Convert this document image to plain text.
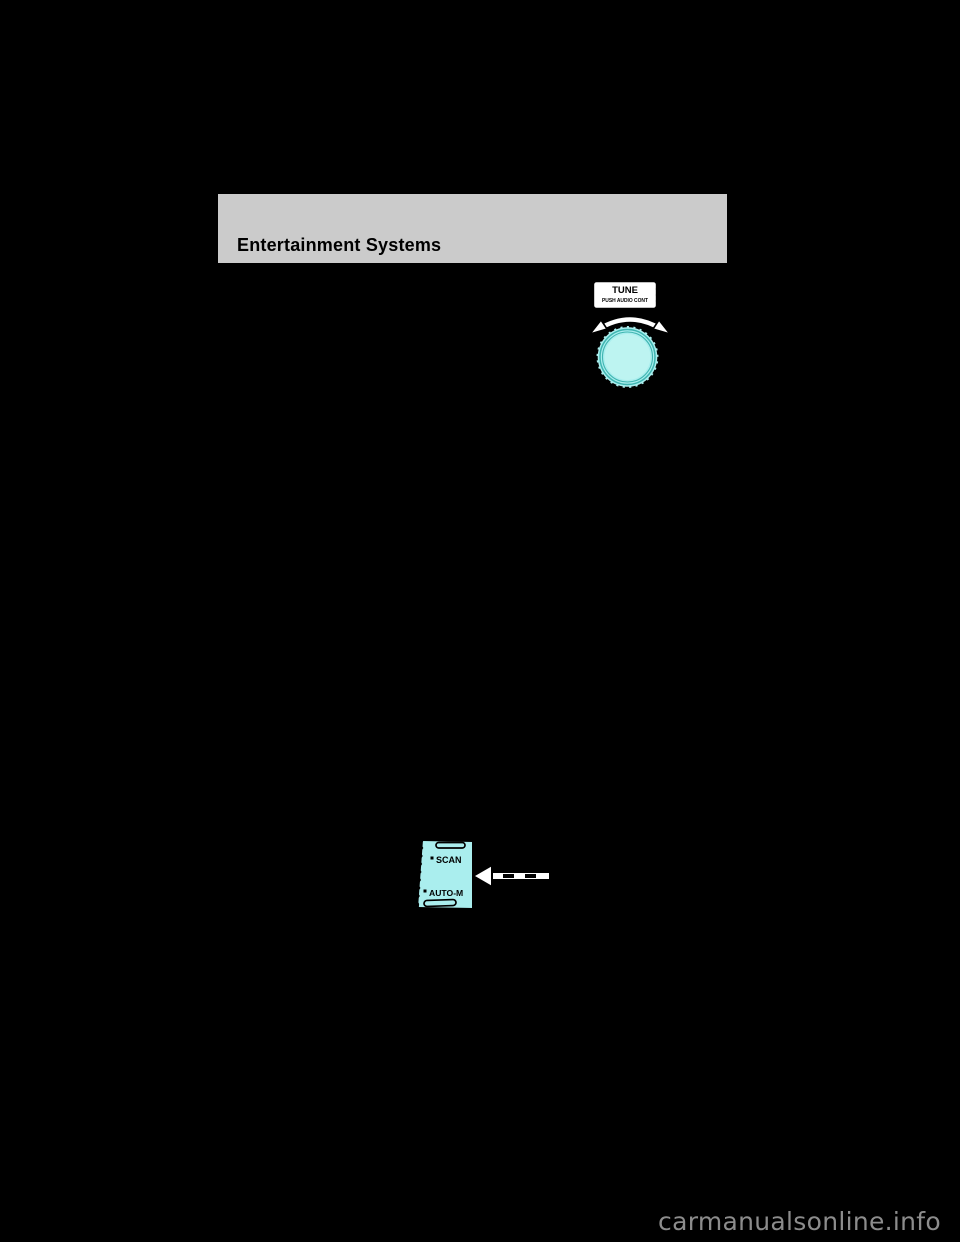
Entertainment Systems
TUNE
PUSH AUDIO CONT
SCAN
AUTO-M
carmanualsonline.info
